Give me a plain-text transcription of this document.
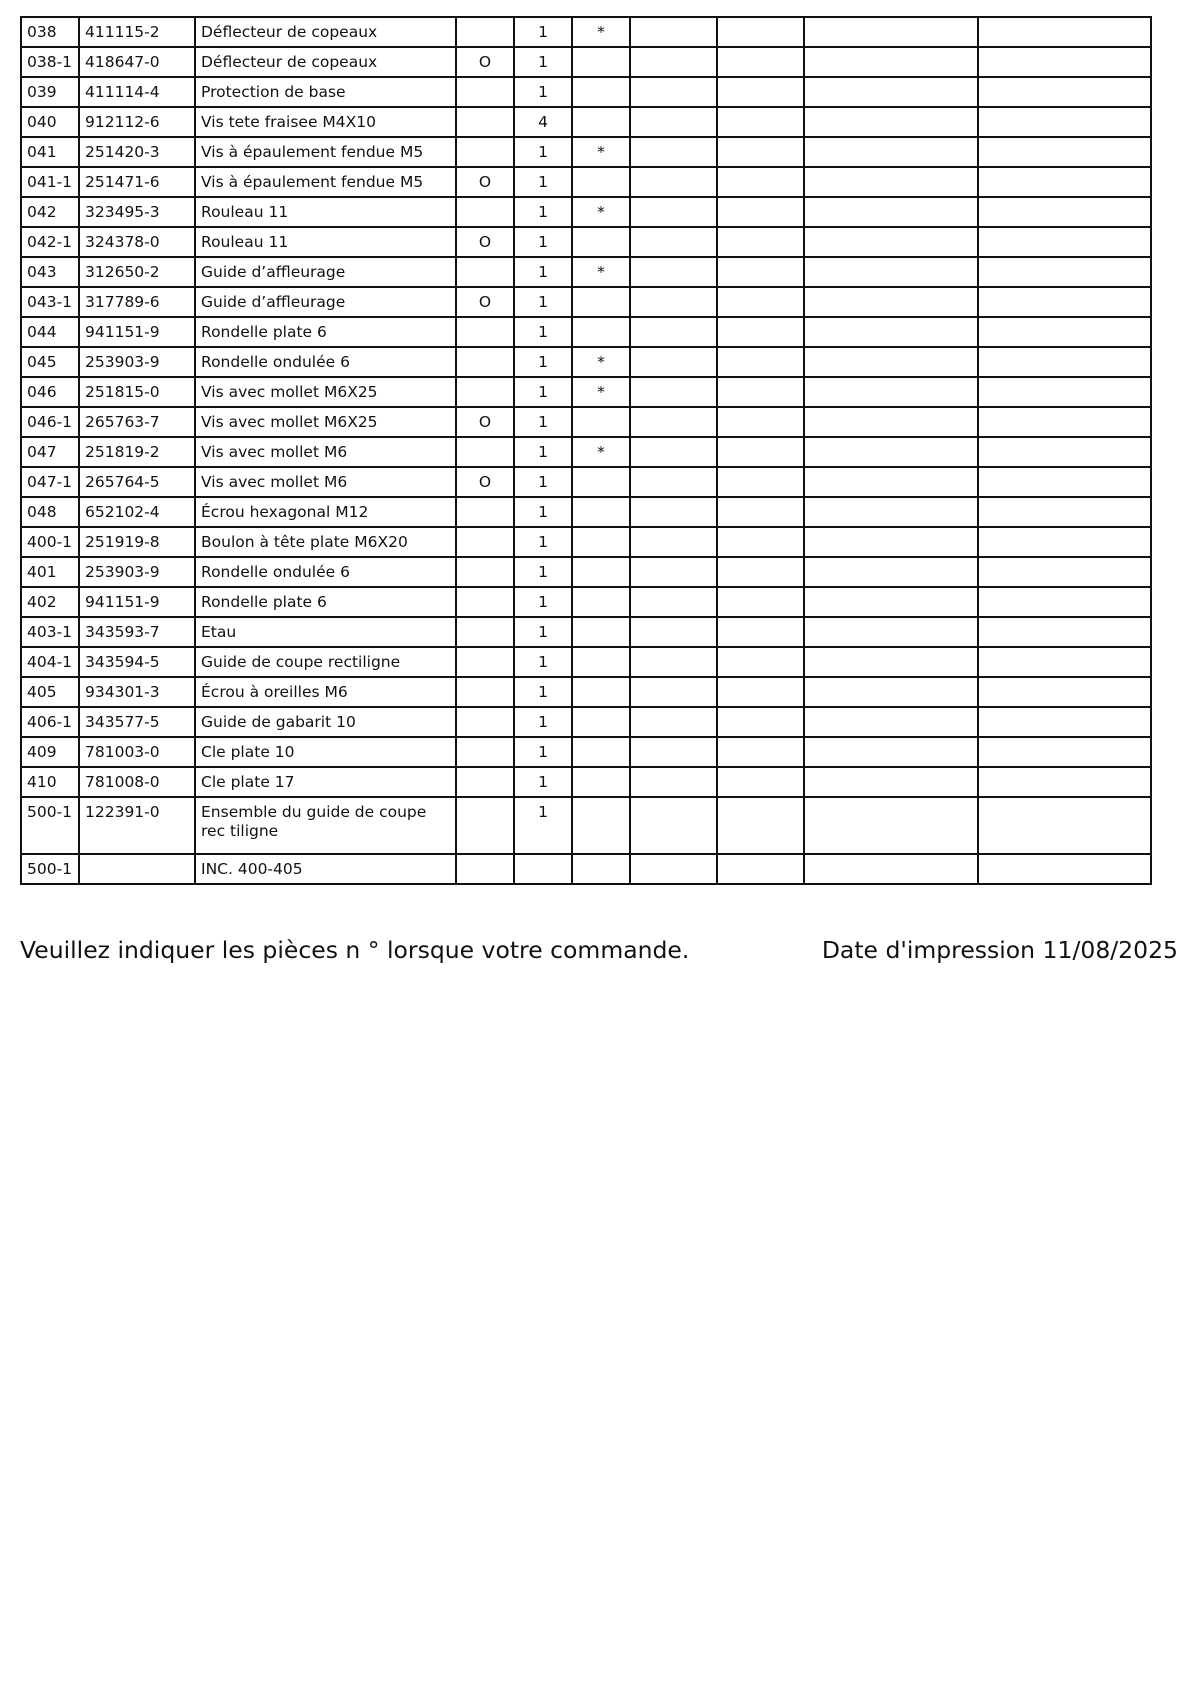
038	411115-2	Déflecteur de copeaux		1	*				
038-1	418647-0	Déflecteur de copeaux	O	1					
039	411114-4	Protection de base		1					
040	912112-6	Vis tete fraisee M4X10		4					
041	251420-3	Vis à épaulement fendue M5		1	*				
041-1	251471-6	Vis à épaulement fendue M5	O	1					
042	323495-3	Rouleau 11		1	*				
042-1	324378-0	Rouleau 11	O	1					
043	312650-2	Guide d’affleurage		1	*				
043-1	317789-6	Guide d’affleurage	O	1					
044	941151-9	Rondelle plate 6		1					
045	253903-9	Rondelle ondulée 6		1	*				
046	251815-0	Vis avec mollet M6X25		1	*				
046-1	265763-7	Vis avec mollet M6X25	O	1					
047	251819-2	Vis avec mollet M6		1	*				
047-1	265764-5	Vis avec mollet M6	O	1					
048	652102-4	Écrou hexagonal M12		1					
400-1	251919-8	Boulon à tête plate M6X20		1					
401	253903-9	Rondelle ondulée 6		1					
402	941151-9	Rondelle plate 6		1					
403-1	343593-7	Etau		1					
404-1	343594-5	Guide de coupe rectiligne		1					
405	934301-3	Écrou à oreilles M6		1					
406-1	343577-5	Guide de gabarit 10		1					
409	781003-0	Cle plate 10		1					
410	781008-0	Cle plate 17		1					
500-1	122391-0	Ensemble du guide de coupe rec tiligne		1					
500-1		INC. 400-405							
Veuillez indiquer les pièces n ° lorsque votre commande.	Date d'impression 11/08/2025
